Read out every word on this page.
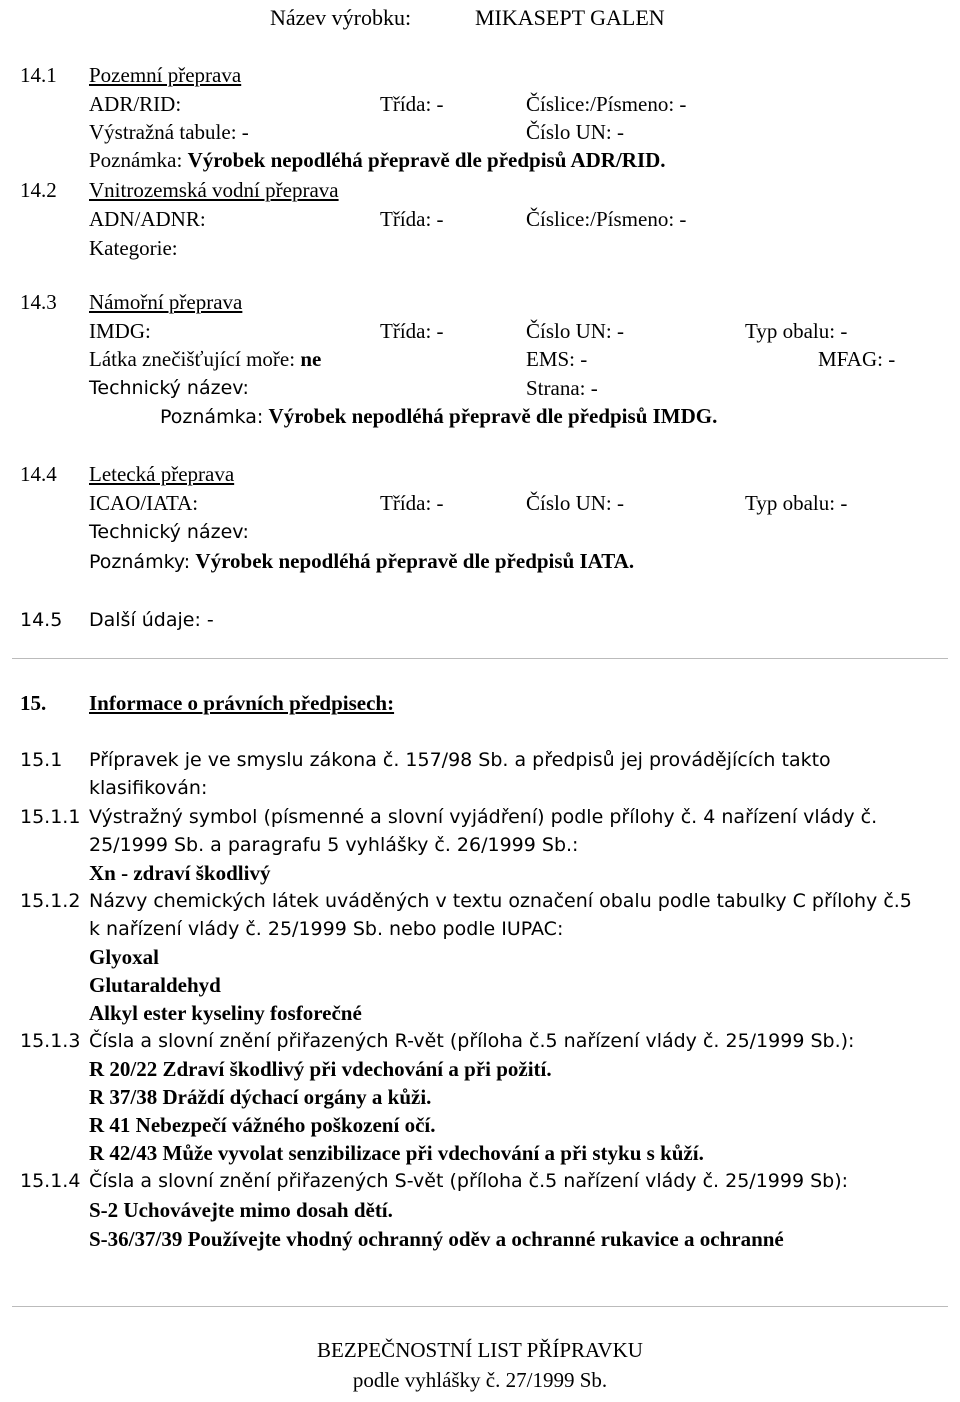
Název výrobku:	MIKASEPT GALEN
14.1 Pozemní přeprava
ADR/RID:	Třída: -	Číslice:/Písmeno: -
Výstražná tabule: -	Číslo UN: -
Poznámka: Výrobek nepodléhá přepravě dle předpisů ADR/RID.
14.2 Vnitrozemská vodní přeprava
ADN/ADNR:	Třída: -	Číslice:/Písmeno: -
Kategorie:
14.3 Námořní přeprava
IMDG:	Třída: -	Číslo UN: -	Typ obalu: -
Látka znečišťující moře: ne	EMS: -	MFAG: -
Technický název:	Strana: -
Poznámka: Výrobek nepodléhá přepravě dle předpisů IMDG.
14.4 Letecká přeprava
ICAO/IATA:	Třída: -	Číslo UN: -	Typ obalu: -
Technický název:
Poznámky: Výrobek nepodléhá přepravě dle předpisů IATA.
14.5 Další údaje: -
15. Informace o právních předpisech:
15.1 Přípravek je ve smyslu zákona č. 157/98 Sb. a předpisů jej provádějících takto
klasifikován:
15.1.1 Výstražný symbol (písmenné a slovní vyjádření) podle přílohy č. 4 nařízení vlády č.
25/1999 Sb. a paragrafu 5 vyhlášky č. 26/1999 Sb.:
Xn - zdraví škodlivý
15.1.2 Názvy chemických látek uváděných v textu označení obalu podle tabulky C přílohy č.5
k nařízení vlády č. 25/1999 Sb. nebo podle IUPAC:
Glyoxal
Glutaraldehyd
Alkyl ester kyseliny fosforečné
15.1.3 Čísla a slovní znění přiřazených R-vět (příloha č.5 nařízení vlády č. 25/1999 Sb.):
R 20/22 Zdraví škodlivý při vdechování a při požití.
R 37/38 Dráždí dýchací orgány a kůži.
R 41 Nebezpečí vážného poškození očí.
R 42/43 Může vyvolat senzibilizace při vdechování a při styku s kůží.
15.1.4 Čísla a slovní znění přiřazených S-vět (příloha č.5 nařízení vlády č. 25/1999 Sb):
S-2 Uchovávejte mimo dosah dětí.
S-36/37/39 Používejte vhodný ochranný oděv a ochranné rukavice a ochranné
BEZPEČNOSTNÍ LIST PŘÍPRAVKU
podle vyhlášky č. 27/1999 Sb.
